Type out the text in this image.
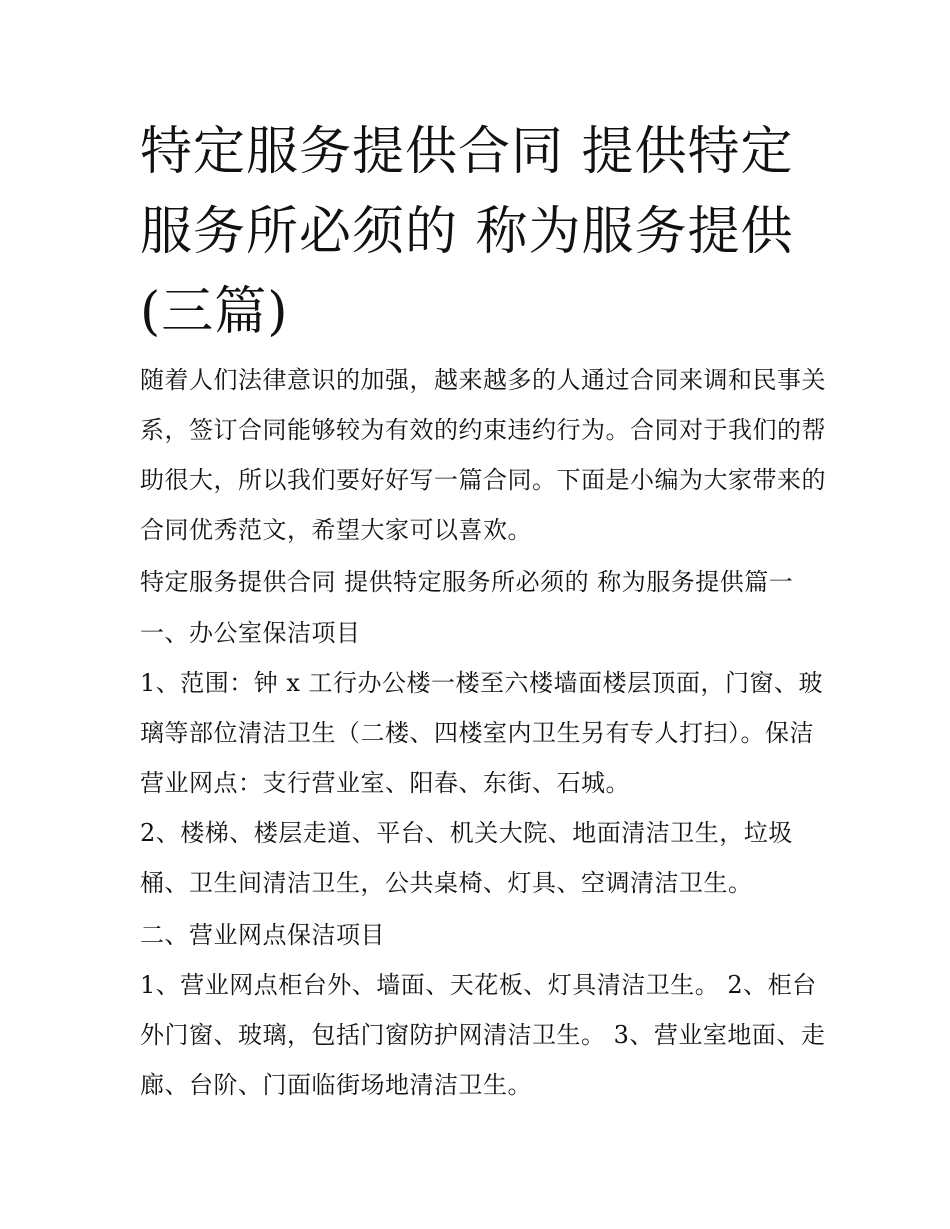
特定服务提供合同 提供特定服务所必须的 称为服务提供(三篇)

随着人们法律意识的加强，越来越多的人通过合同来调和民事关系，签订合同能够较为有效的约束违约行为。合同对于我们的帮助很大，所以我们要好好写一篇合同。下面是小编为大家带来的合同优秀范文，希望大家可以喜欢。

特定服务提供合同 提供特定服务所必须的 称为服务提供篇一

一、办公室保洁项目

1、范围：钟 x 工行办公楼一楼至六楼墙面楼层顶面，门窗、玻璃等部位清洁卫生（二楼、四楼室内卫生另有专人打扫）。保洁营业网点：支行营业室、阳春、东街、石城。

2、楼梯、楼层走道、平台、机关大院、地面清洁卫生，垃圾桶、卫生间清洁卫生，公共桌椅、灯具、空调清洁卫生。

二、营业网点保洁项目

1、营业网点柜台外、墙面、天花板、灯具清洁卫生。 2、柜台外门窗、玻璃，包括门窗防护网清洁卫生。 3、营业室地面、走廊、台阶、门面临街场地清洁卫生。
